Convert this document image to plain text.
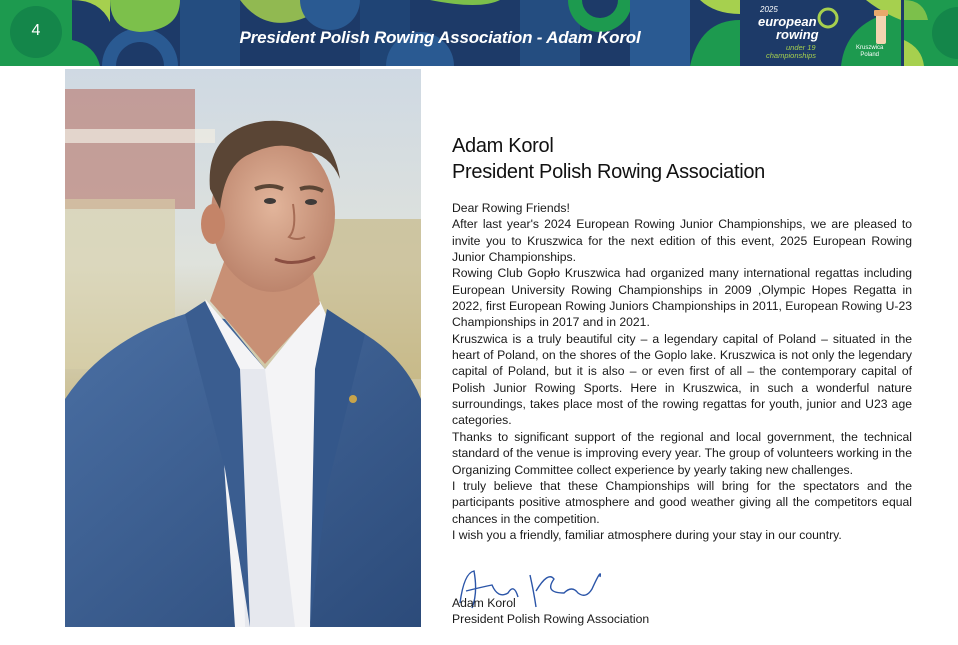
4	President Polish Rowing Association - Adam Korol
2025
european
rowing
under 19
championships
Kruszwica
Poland
Adam Korol
President Polish Rowing Association

Dear Rowing Friends!

After last year's 2024 European Rowing Junior Championships, we are pleased to invite you to Kruszwica for the next edition of this event, 2025 European Rowing Junior Championships.

Rowing Club Gopło Kruszwica had organized many international regattas including European University Rowing Championships in 2009 ,Olympic Hopes Regatta in 2022, first European Rowing Juniors Championships in 2011, European Rowing U-23 Championships in 2017 and in 2021.

Kruszwica is a truly beautiful city – a legendary capital of Poland – situated in the heart of Poland, on the shores of the Goplo lake. Kruszwica is not only the legendary capital of Poland, but it is also – or even first of all – the contemporary capital of Polish Junior Rowing Sports. Here in Kruszwica, in such a wonderful nature surroundings, takes place most of the rowing regattas for youth, junior and U23 age categories.

Thanks to significant support of the regional and local government, the technical standard of the venue is improving every year. The group of volunteers working in the Organizing Committee collect experience by yearly taking new challenges.

I truly believe that these Championships will bring for the spectators and the participants positive atmosphere and good weather giving all the competitors equal chances in the competition.

I wish you a friendly, familiar atmosphere during your stay in our country.

Adam Korol
President Polish Rowing Association
